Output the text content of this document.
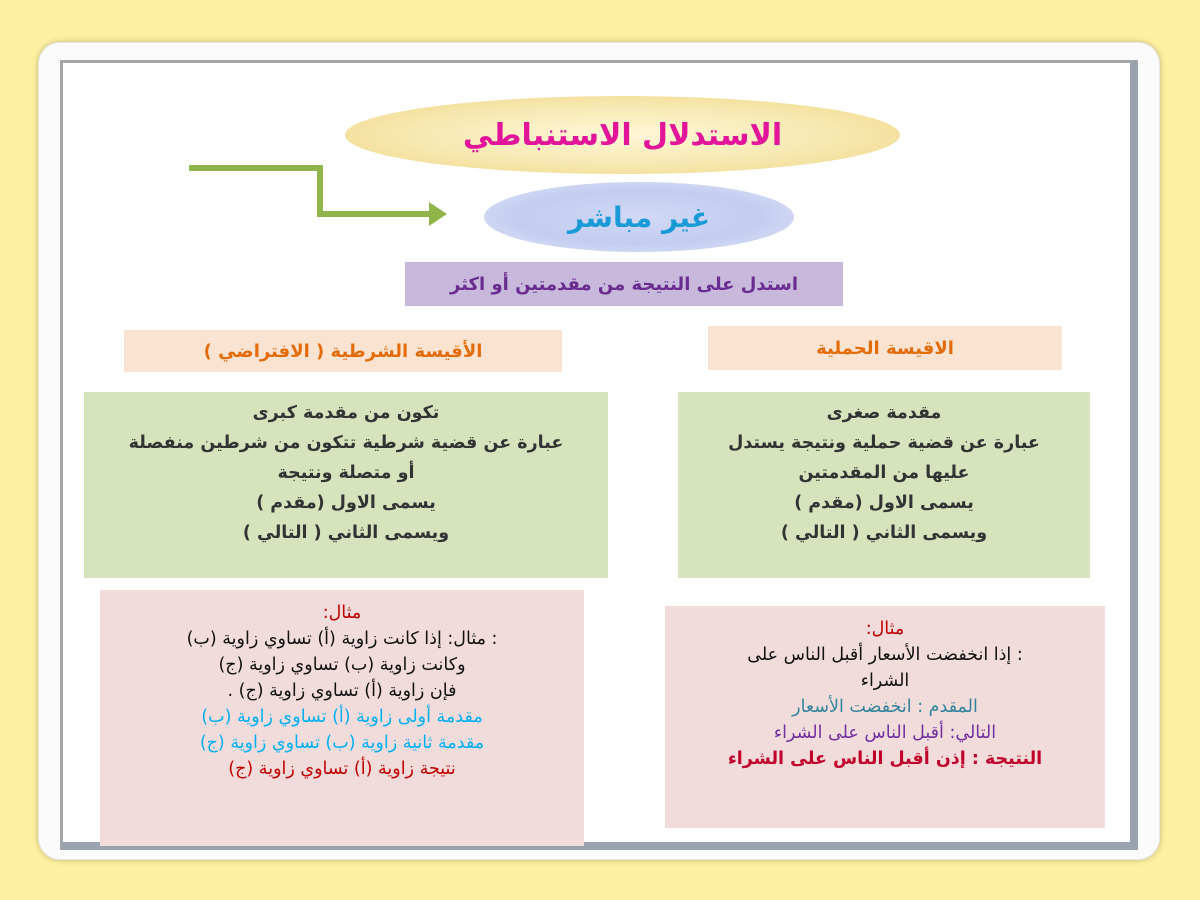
الاستدلال الاستنباطي
غير مباشر
استدل على النتيجة من مقدمتين أو اكثر
الأقيسة الشرطية ( الافتراضي )	الاقيسة الحملية
تكون من مقدمة كبرى
عبارة عن قضية شرطية تتكون من شرطين منفصلة
أو متصلة ونتيجة
يسمى الاول (مقدم )
ويسمى الثاني ( التالي )
مقدمة صغرى
عبارة عن قضية حملية ونتيجة يستدل
عليها من المقدمتين
يسمى الاول (مقدم )
ويسمى الثاني ( التالي )
مثال:
: مثال: إذا كانت زاوية (أ) تساوي زاوية (ب)
وكانت زاوية (ب) تساوي زاوية (ج)
فإن زاوية (أ) تساوي زاوية (ج) .
مقدمة أولى زاوية (أ) تساوي زاوية (ب)
مقدمة ثانية زاوية (ب) تساوي زاوية (ج)
نتيجة زاوية (أ) تساوي زاوية (ج)
مثال:
: إذا انخفضت الأسعار أقبل الناس على
الشراء
المقدم : انخفضت الأسعار
التالي: أقبل الناس على الشراء
النتيجة : إذن أقبل الناس على الشراء
